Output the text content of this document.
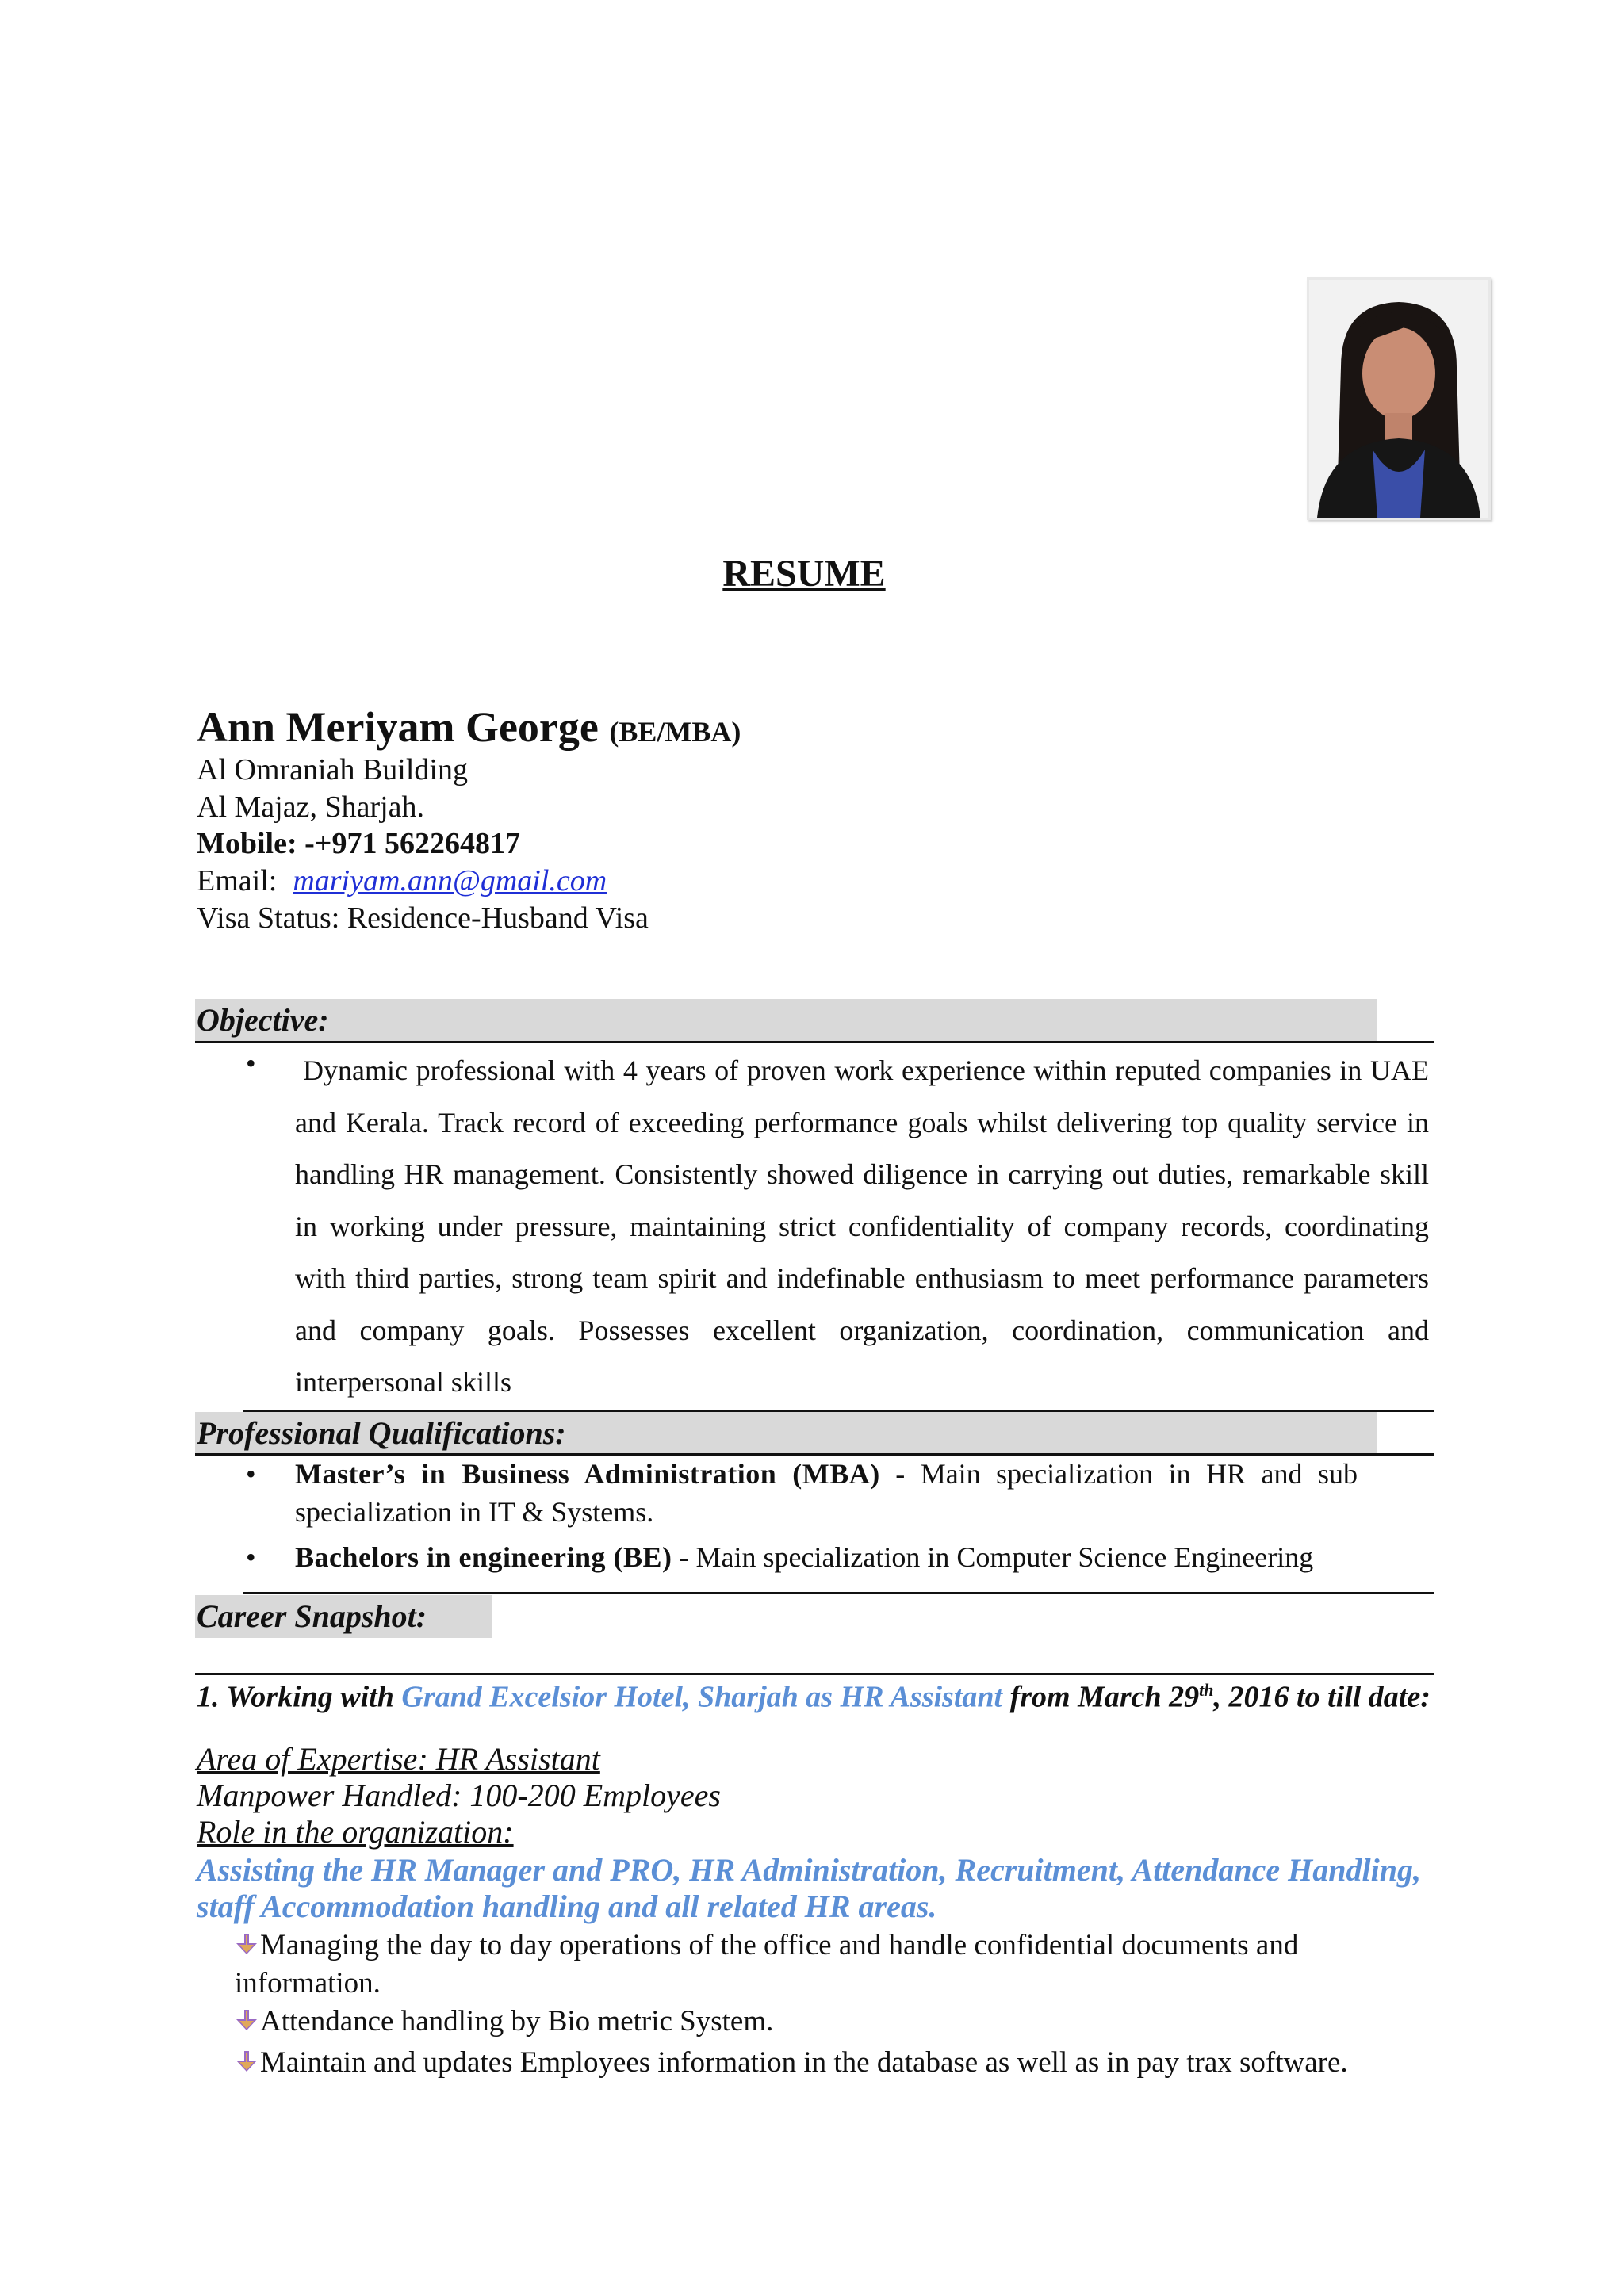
RESUME
Ann Meriyam George (BE/MBA)
Al Omraniah Building
Al Majaz, Sharjah.
Mobile: -+971 562264817
Email: mariyam.ann@gmail.com
Visa Status: Residence-Husband Visa
Objective:
• Dynamic professional with 4 years of proven work experience within reputed companies in UAE and Kerala. Track record of exceeding performance goals whilst delivering top quality service in handling HR management. Consistently showed diligence in carrying out duties, remarkable skill in working under pressure, maintaining strict confidentiality of company records, coordinating with third parties, strong team spirit and indefinable enthusiasm to meet performance parameters and company goals. Possesses excellent organization, coordination, communication and interpersonal skills
Professional Qualifications:
• Master’s in Business Administration (MBA) - Main specialization in HR and sub specialization in IT & Systems.
• Bachelors in engineering (BE) - Main specialization in Computer Science Engineering
Career Snapshot:
1. Working with Grand Excelsior Hotel, Sharjah as HR Assistant from March 29th, 2016 to till date:
Area of Expertise: HR Assistant
Manpower Handled: 100-200 Employees
Role in the organization:
Assisting the HR Manager and PRO, HR Administration, Recruitment, Attendance Handling, staff Accommodation handling and all related HR areas.
Managing the day to day operations of the office and handle confidential documents and information.
Attendance handling by Bio metric System.
Maintain and updates Employees information in the database as well as in pay trax software.
